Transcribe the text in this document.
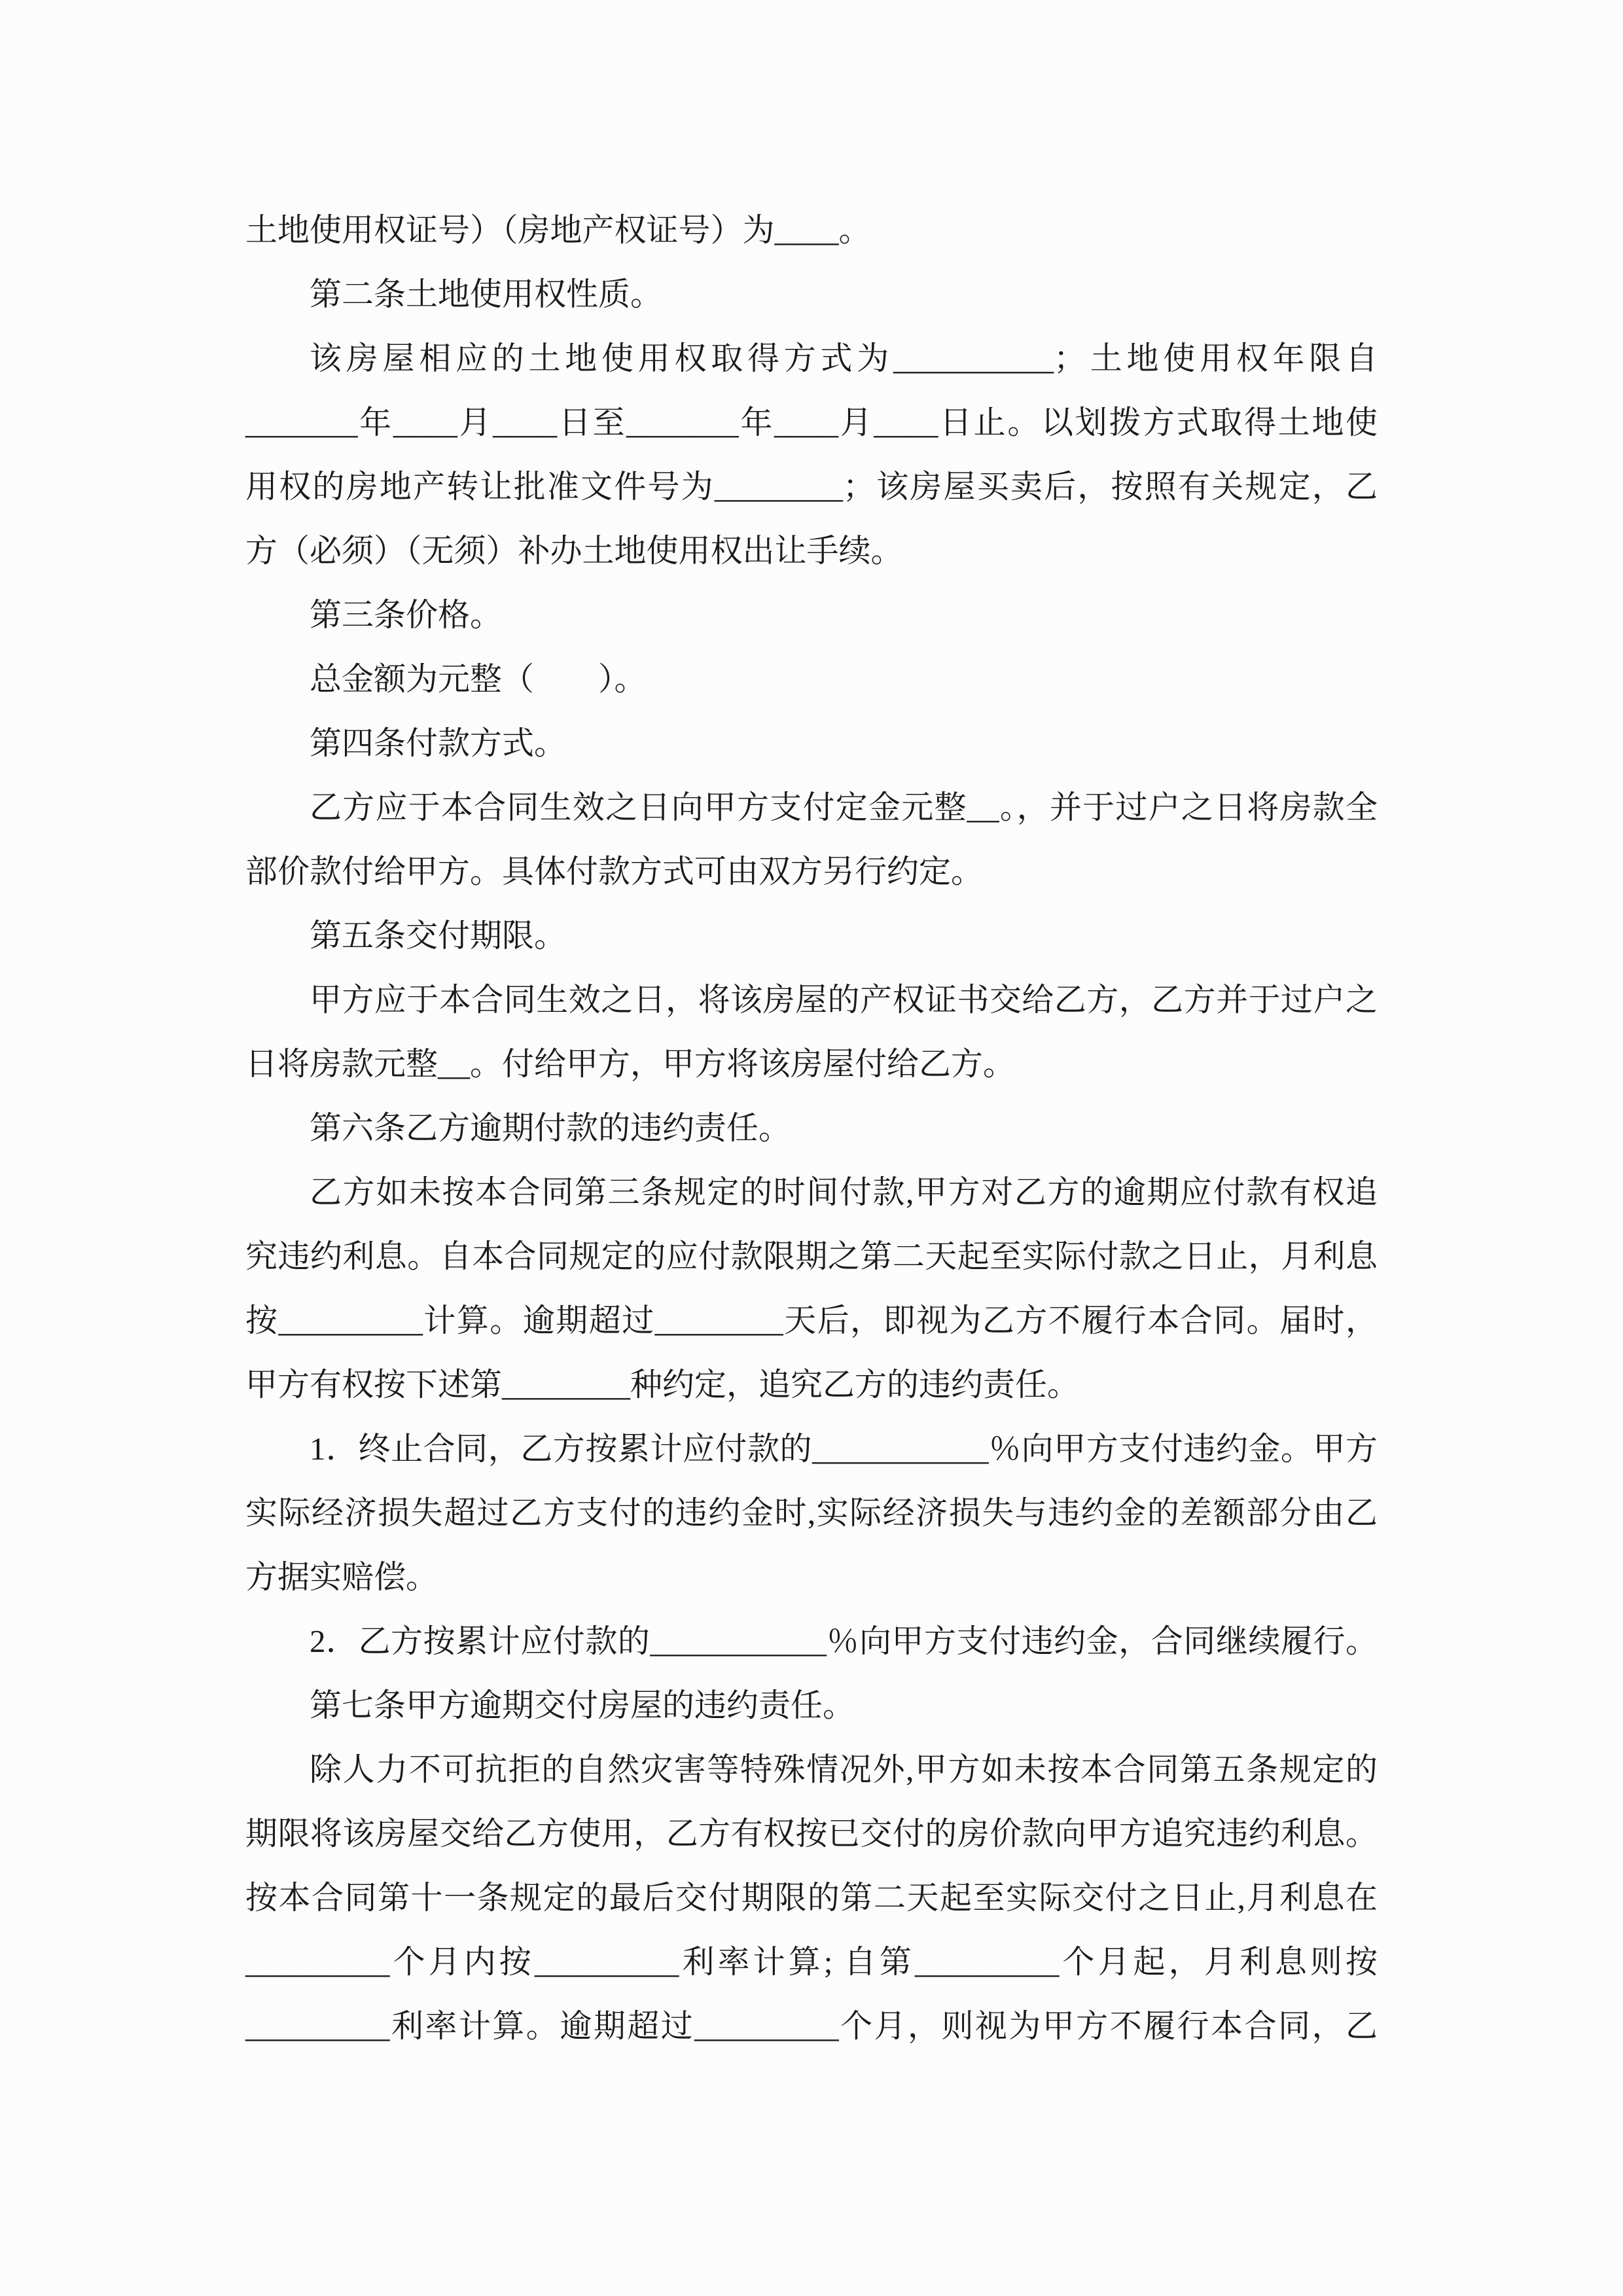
土地使用权证号）（房地产权证号）为____。
第二条土地使用权性质。
该房屋相应的土地使用权取得方式为__________；土地使用权年限自
_______年____月____日至_______年____月____日止。以划拨方式取得土地使
用权的房地产转让批准文件号为________；该房屋买卖后，按照有关规定，乙
方（必须）（无须）补办土地使用权出让手续。
第三条价格。
总金额为元整（　　）。
第四条付款方式。
乙方应于本合同生效之日向甲方支付定金元整__。，并于过户之日将房款全
部价款付给甲方。具体付款方式可由双方另行约定。
第五条交付期限。
甲方应于本合同生效之日，将该房屋的产权证书交给乙方，乙方并于过户之
日将房款元整__。付给甲方，甲方将该房屋付给乙方。
第六条乙方逾期付款的违约责任。
乙方如未按本合同第三条规定的时间付款,甲方对乙方的逾期应付款有权追
究违约利息。自本合同规定的应付款限期之第二天起至实际付款之日止，月利息
按_________计算。逾期超过________天后，即视为乙方不履行本合同。届时，
甲方有权按下述第________种约定，追究乙方的违约责任。
1．终止合同，乙方按累计应付款的___________％向甲方支付违约金。甲方
实际经济损失超过乙方支付的违约金时,实际经济损失与违约金的差额部分由乙
方据实赔偿。
2．乙方按累计应付款的___________％向甲方支付违约金，合同继续履行。
第七条甲方逾期交付房屋的违约责任。
除人力不可抗拒的自然灾害等特殊情况外,甲方如未按本合同第五条规定的
期限将该房屋交给乙方使用，乙方有权按已交付的房价款向甲方追究违约利息。
按本合同第十一条规定的最后交付期限的第二天起至实际交付之日止,月利息在
_________个月内按_________利率计算; 自第_________个月起，月利息则按
_________利率计算。逾期超过_________个月，则视为甲方不履行本合同，乙
